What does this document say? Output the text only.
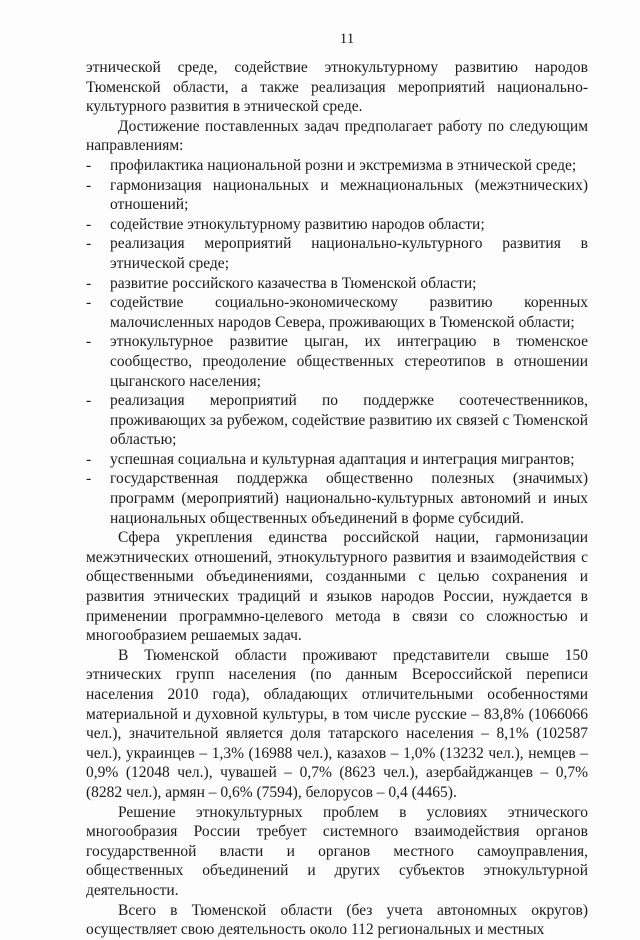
11

этнической среде, содействие этнокультурному развитию народов Тюменской области, а также реализация мероприятий национально-культурного развития в этнической среде.

Достижение поставленных задач предполагает работу по следующим направлениям:

- профилактика национальной розни и экстремизма в этнической среде;
- гармонизация национальных и межнациональных (межэтнических) отношений;
- содействие этнокультурному развитию народов области;
- реализация мероприятий национально-культурного развития в этнической среде;
- развитие российского казачества в Тюменской области;
- содействие социально-экономическому развитию коренных малочисленных народов Севера, проживающих в Тюменской области;
- этнокультурное развитие цыган, их интеграцию в тюменское сообщество, преодоление общественных стереотипов в отношении цыганского населения;
- реализация мероприятий по поддержке соотечественников, проживающих за рубежом, содействие развитию их связей с Тюменской областью;
- успешная социальна и культурная адаптация и интеграция мигрантов;
- государственная поддержка общественно полезных (значимых) программ (мероприятий) национально-культурных автономий и иных национальных общественных объединений в форме субсидий.

Сфера укрепления единства российской нации, гармонизации межэтнических отношений, этнокультурного развития и взаимодействия с общественными объединениями, созданными с целью сохранения и развития этнических традиций и языков народов России, нуждается в применении программно-целевого метода в связи со сложностью и многообразием решаемых задач.

В Тюменской области проживают представители свыше 150 этнических групп населения (по данным Всероссийской переписи населения 2010 года), обладающих отличительными особенностями материальной и духовной культуры, в том числе русские – 83,8% (1066066 чел.), значительной является доля татарского населения – 8,1% (102587 чел.), украинцев – 1,3% (16988 чел.), казахов – 1,0% (13232 чел.), немцев – 0,9% (12048 чел.), чувашей – 0,7% (8623 чел.), азербайджанцев – 0,7% (8282 чел.), армян – 0,6% (7594), белорусов – 0,4 (4465).

Решение этнокультурных проблем в условиях этнического многообразия России требует системного взаимодействия органов государственной власти и органов местного самоуправления, общественных объединений и других субъектов этнокультурной деятельности.

Всего в Тюменской области (без учета автономных округов) осуществляет свою деятельность около 112 региональных и местных
